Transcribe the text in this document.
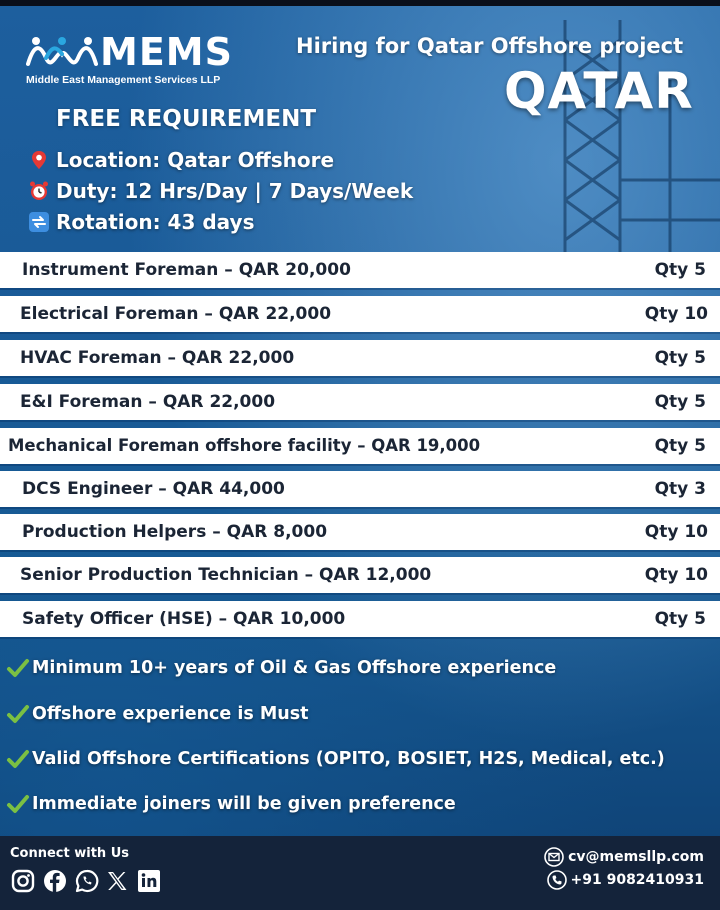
MEMS
Middle East Management Services LLP
Hiring for Qatar Offshore project
QATAR
FREE REQUIREMENT
Location: Qatar Offshore
Duty: 12 Hrs/Day | 7 Days/Week
Rotation: 43 days
Instrument Foreman – QAR 20,000	Qty 5
Electrical Foreman – QAR 22,000	Qty 10
HVAC Foreman – QAR 22,000	Qty 5
E&I Foreman – QAR 22,000	Qty 5
Mechanical Foreman offshore facility – QAR 19,000	Qty 5
DCS Engineer – QAR 44,000	Qty 3
Production Helpers – QAR 8,000	Qty 10
Senior Production Technician – QAR 12,000	Qty 10
Safety Officer (HSE) – QAR 10,000	Qty 5
Minimum 10+ years of Oil & Gas Offshore experience
Offshore experience is Must
Valid Offshore Certifications (OPITO, BOSIET, H2S, Medical, etc.)
Immediate joiners will be given preference
Connect with Us	cv@memsllp.com
+91 9082410931
